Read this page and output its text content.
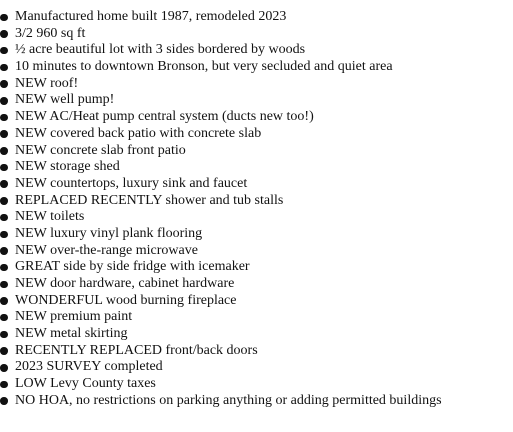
Manufactured home built 1987, remodeled 2023
3/2 960 sq ft
½ acre beautiful lot with 3 sides bordered by woods
10 minutes to downtown Bronson, but very secluded and quiet area
NEW roof!
NEW well pump!
NEW AC/Heat pump central system (ducts new too!)
NEW covered back patio with concrete slab
NEW concrete slab front patio
NEW storage shed
NEW countertops, luxury sink and faucet
REPLACED RECENTLY shower and tub stalls
NEW toilets
NEW luxury vinyl plank flooring
NEW over-the-range microwave
GREAT side by side fridge with icemaker
NEW door hardware, cabinet hardware
WONDERFUL wood burning fireplace
NEW premium paint
NEW metal skirting
RECENTLY REPLACED front/back doors
2023 SURVEY completed
LOW Levy County taxes
NO HOA, no restrictions on parking anything or adding permitted buildings
